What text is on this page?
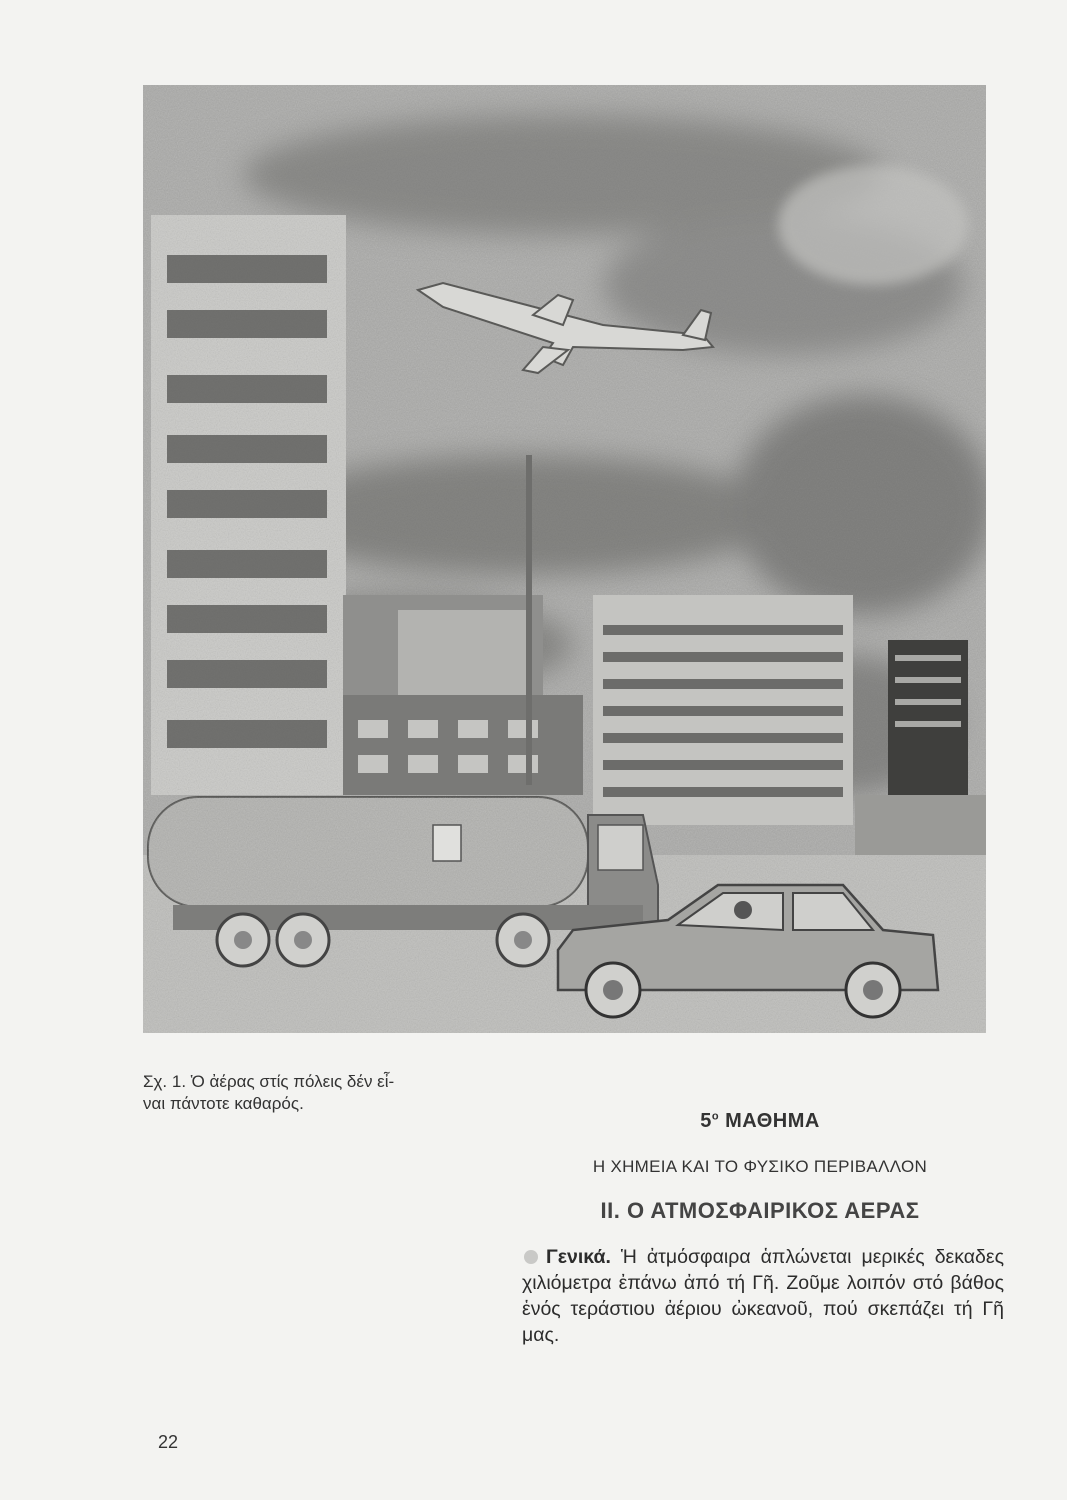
Σχ. 1. Ὁ ἀέρας στίς πόλεις δέν εἶ-ναι πάντοτε καθαρός.
$5^o$ ΜΑΘΗΜΑ
Η ΧΗΜΕΙΑ ΚΑΙ ΤΟ ΦΥΣΙΚΟ ΠΕΡΙΒΑΛΛΟΝ
ΙΙ. Ο ΑΤΜΟΣΦΑΙΡΙΚΟΣ ΑΕΡΑΣ
Γενικά. Ἡ ἀτμόσφαιρα ἁπλώνεται μερικές δεκαδες χιλιόμετρα ἐπάνω ἀπό τή Γῆ. Ζοῦμε λοιπόν στό βάθος ἑνός τεράστιου ἀέριου ὠκεανοῦ, πού σκεπάζει τή Γῆ μας.
22
